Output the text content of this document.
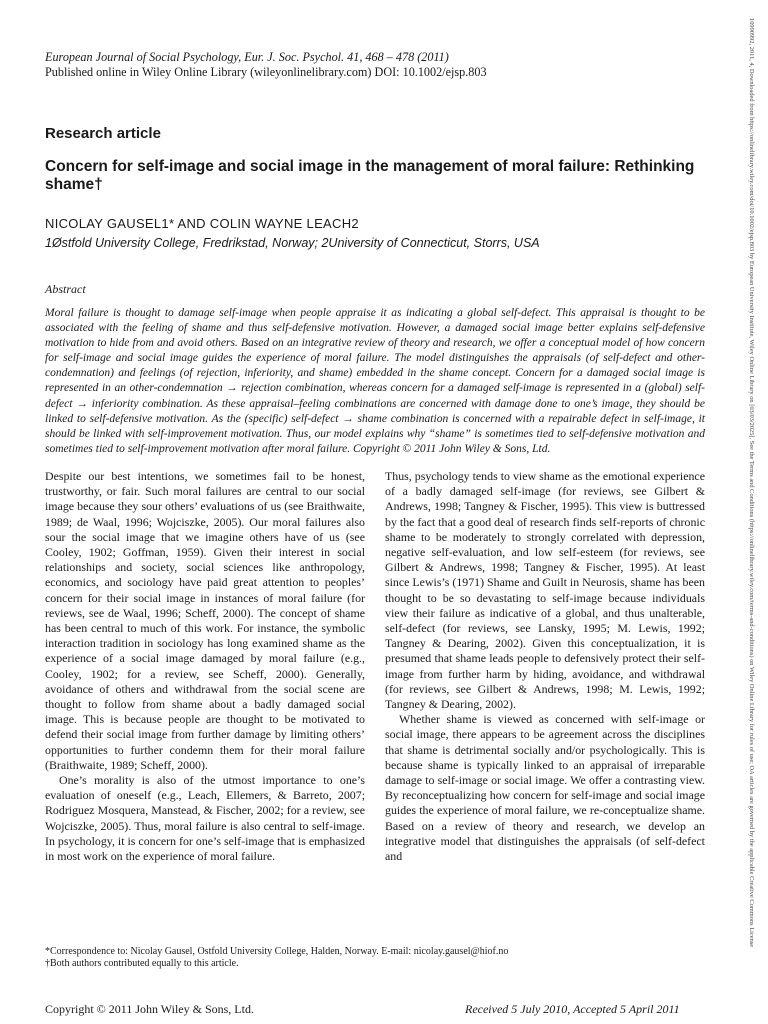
European Journal of Social Psychology, Eur. J. Soc. Psychol. 41, 468 – 478 (2011)
Published online in Wiley Online Library (wileyonlinelibrary.com) DOI: 10.1002/ejsp.803
Research article
Concern for self-image and social image in the management of moral failure: Rethinking shame†
NICOLAY GAUSEL1* AND COLIN WAYNE LEACH2
1Østfold University College, Fredrikstad, Norway; 2University of Connecticut, Storrs, USA
Abstract
Moral failure is thought to damage self-image when people appraise it as indicating a global self-defect. This appraisal is thought to be associated with the feeling of shame and thus self-defensive motivation. However, a damaged social image better explains self-defensive motivation to hide from and avoid others. Based on an integrative review of theory and research, we offer a conceptual model of how concern for self-image and social image guides the experience of moral failure. The model distinguishes the appraisals (of self-defect and other-condemnation) and feelings (of rejection, inferiority, and shame) embedded in the shame concept. Concern for a damaged social image is represented in an other-condemnation → rejection combination, whereas concern for a damaged self-image is represented in a (global) self-defect → inferiority combination. As these appraisal–feeling combinations are concerned with damage done to one’s image, they should be linked to self-defensive motivation. As the (specific) self-defect → shame combination is concerned with a repairable defect in self-image, it should be linked with self-improvement motivation. Thus, our model explains why “shame” is sometimes tied to self-defensive motivation and sometimes tied to self-improvement motivation after moral failure. Copyright © 2011 John Wiley & Sons, Ltd.

Despite our best intentions, we sometimes fail to be honest, trustworthy, or fair. Such moral failures are central to our social image because they sour others’ evaluations of us (see Braithwaite, 1989; de Waal, 1996; Wojciszke, 2005). Our moral failures also sour the social image that we imagine others have of us (see Cooley, 1902; Goffman, 1959). Given their interest in social relationships and society, social sciences like anthropology, economics, and sociology have paid great attention to peoples’ concern for their social image in instances of moral failure (for reviews, see de Waal, 1996; Scheff, 2000). The concept of shame has been central to much of this work. For instance, the symbolic interaction tradition in sociology has long examined shame as the experience of a social image damaged by moral failure (e.g., Cooley, 1902; for a review, see Scheff, 2000). Generally, avoidance of others and withdrawal from the social scene are thought to follow from shame about a badly damaged social image. This is because people are thought to be motivated to defend their social image from further damage by limiting others’ opportunities to further condemn them for their moral failure (Braithwaite, 1989; Scheff, 2000).

One’s morality is also of the utmost importance to one’s evaluation of oneself (e.g., Leach, Ellemers, & Barreto, 2007; Rodriguez Mosquera, Manstead, & Fischer, 2002; for a review, see Wojciszke, 2005). Thus, moral failure is also central to self-image. In psychology, it is concern for one’s self-image that is emphasized in most work on the experience of moral failure.

Thus, psychology tends to view shame as the emotional experience of a badly damaged self-image (for reviews, see Gilbert & Andrews, 1998; Tangney & Fischer, 1995). This view is buttressed by the fact that a good deal of research finds self-reports of chronic shame to be moderately to strongly correlated with depression, negative self-evaluation, and low self-esteem (for reviews, see Gilbert & Andrews, 1998; Tangney & Fischer, 1995). At least since Lewis’s (1971) Shame and Guilt in Neurosis, shame has been thought to be so devastating to self-image because individuals view their failure as indicative of a global, and thus unalterable, self-defect (for reviews, see Lansky, 1995; M. Lewis, 1992; Tangney & Dearing, 2002). Given this conceptualization, it is presumed that shame leads people to defensively protect their self-image from further harm by hiding, avoidance, and withdrawal (for reviews, see Gilbert & Andrews, 1998; M. Lewis, 1992; Tangney & Dearing, 2002).

Whether shame is viewed as concerned with self-image or social image, there appears to be agreement across the disciplines that shame is detrimental socially and/or psychologically. This is because shame is typically linked to an appraisal of irreparable damage to self-image or social image. We offer a contrasting view. By reconceptualizing how concern for self-image and social image guides the experience of moral failure, we re-conceptualize shame. Based on a review of theory and research, we develop an integrative model that distinguishes the appraisals (of self-defect and

*Correspondence to: Nicolay Gausel, Ostfold University College, Halden, Norway. E-mail: nicolay.gausel@hiof.no
†Both authors contributed equally to this article.
Copyright © 2011 John Wiley & Sons, Ltd.	Received 5 July 2010, Accepted 5 April 2011
10990992, 2011, 4, Downloaded from https://onlinelibrary.wiley.com/doi/10.1002/ejsp.803 by European University Institute, Wiley Online Library on [03/03/2025]. See the Terms and Conditions (https://onlinelibrary.wiley.com/terms-and-conditions) on Wiley Online Library for rules of use; OA articles are governed by the applicable Creative Commons License
